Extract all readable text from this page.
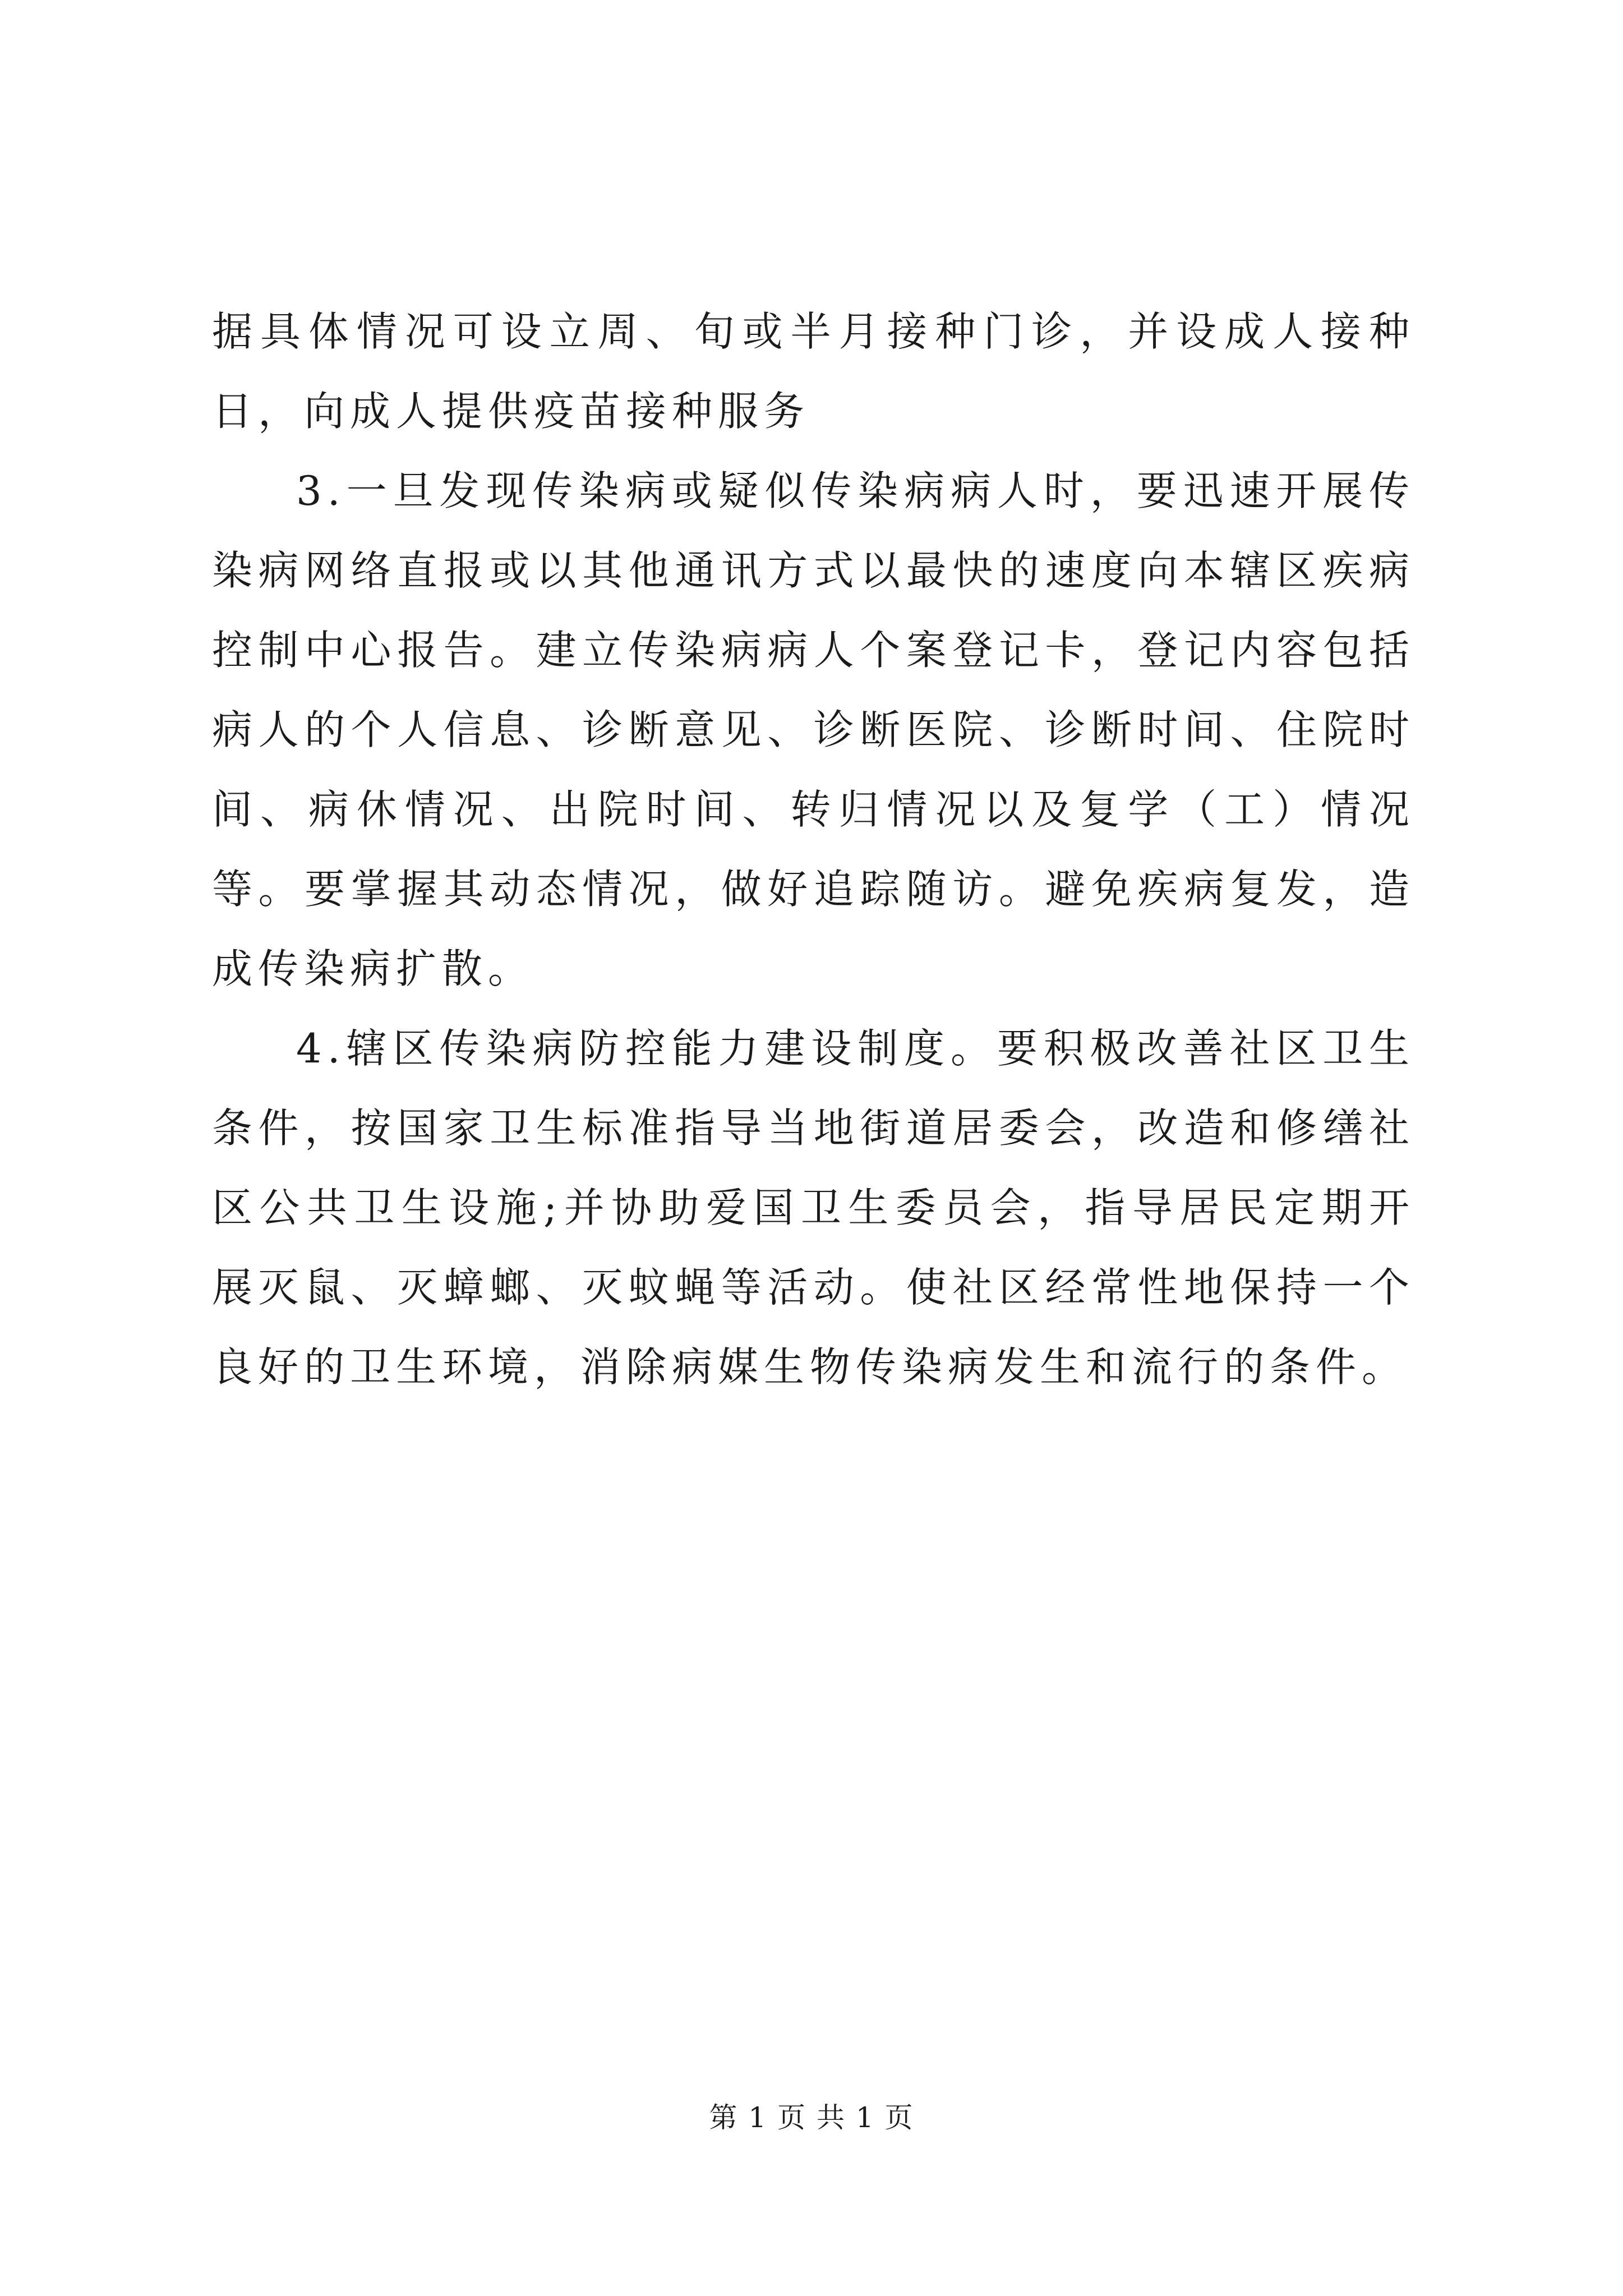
据具体情况可设立周、旬或半月接种门诊，并设成人接种日，向成人提供疫苗接种服务

3.一旦发现传染病或疑似传染病病人时，要迅速开展传染病网络直报或以其他通讯方式以最快的速度向本辖区疾病控制中心报告。建立传染病病人个案登记卡，登记内容包括病人的个人信息、诊断意见、诊断医院、诊断时间、住院时间、病休情况、出院时间、转归情况以及复学（工）情况等。要掌握其动态情况，做好追踪随访。避免疾病复发，造成传染病扩散。

4.辖区传染病防控能力建设制度。要积极改善社区卫生条件，按国家卫生标准指导当地街道居委会，改造和修缮社区公共卫生设施;并协助爱国卫生委员会，指导居民定期开展灭鼠、灭蟑螂、灭蚊蝇等活动。使社区经常性地保持一个良好的卫生环境，消除病媒生物传染病发生和流行的条件。

第 1 页 共 1 页
